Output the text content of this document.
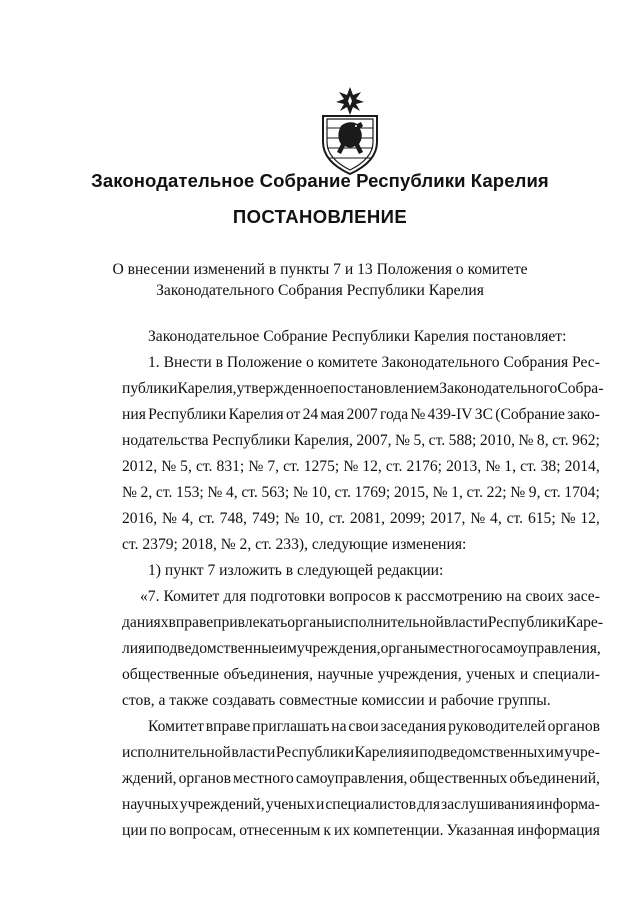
Законодательное Собрание Республики Карелия
ПОСТАНОВЛЕНИЕ
О внесении изменений в пункты 7 и 13 Положения о комитете
Законодательного Собрания Республики Карелия
Законодательное Собрание Республики Карелия постановляет:
1. Внести в Положение о комитете Законодательного Собрания Рес-
публики Карелия, утвержденное постановлением Законодательного Собра-
ния Республики Карелия от 24 мая 2007 года № 439-IV ЗС (Собрание зако-
нодательства Республики Карелия, 2007, № 5, ст. 588; 2010, № 8, ст. 962;
2012, № 5, ст. 831; № 7, ст. 1275; № 12, ст. 2176; 2013, № 1, ст. 38; 2014,
№ 2, ст. 153; № 4, ст. 563; № 10, ст. 1769; 2015, № 1, ст. 22; № 9, ст. 1704;
2016, № 4, ст. 748, 749; № 10, ст. 2081, 2099; 2017, № 4, ст. 615; № 12,
ст. 2379; 2018, № 2, ст. 233), следующие изменения:
1) пункт 7 изложить в следующей редакции:
«7. Комитет для подготовки вопросов к рассмотрению на своих засе-
даниях вправе привлекать органы исполнительной власти Республики Каре-
лия и подведомственные им учреждения, органы местного самоуправления,
общественные объединения, научные учреждения, ученых и специали-
стов, а также создавать совместные комиссии и рабочие группы.
Комитет вправе приглашать на свои заседания руководителей органов
исполнительной власти Республики Карелия и подведомственных им учре-
ждений, органов местного самоуправления, общественных объединений,
научных учреждений, ученых и специалистов для заслушивания информа-
ции по вопросам, отнесенным к их компетенции. Указанная информация
